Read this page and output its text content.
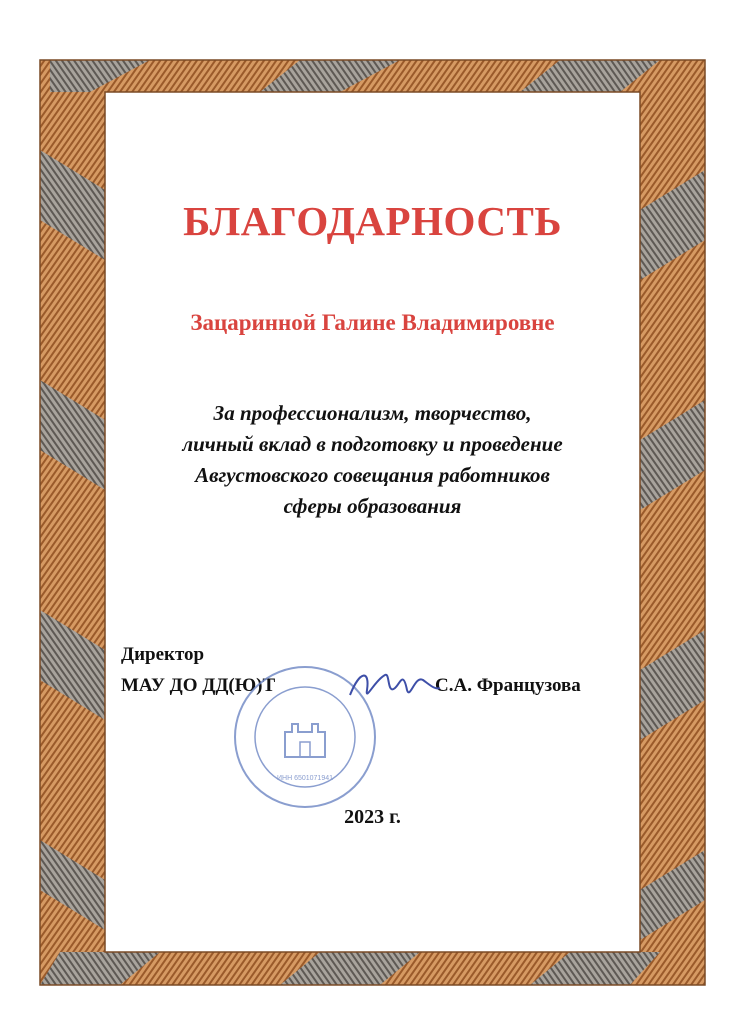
БЛАГОДАРНОСТЬ
Зацаринной Галине Владимировне
За профессионализм, творчество,
личный вклад в подготовку и проведение
Августовского совещания работников
сферы образования
Директор
МАУ ДО ДД(Ю)Т	С.А. Французова
ИНН 6501071941
2023 г.
